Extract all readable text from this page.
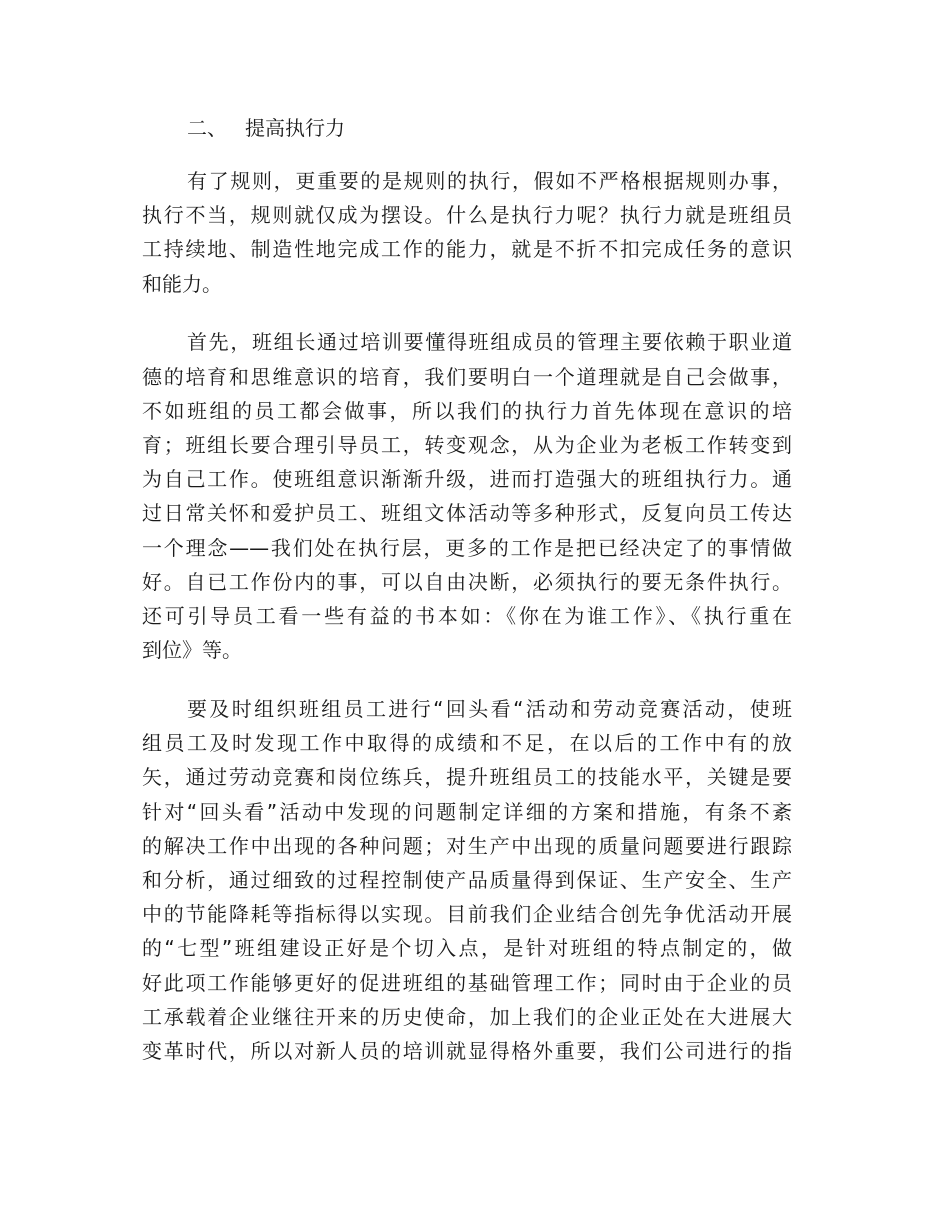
二、 提高执行力
有了规则，更重要的是规则的执行，假如不严格根据规则办事，
执行不当，规则就仅成为摆设。什么是执行力呢？执行力就是班组员
工持续地、制造性地完成工作的能力，就是不折不扣完成任务的意识
和能力。
首先，班组长通过培训要懂得班组成员的管理主要依赖于职业道
德的培育和思维意识的培育，我们要明白一个道理就是自己会做事，
不如班组的员工都会做事，所以我们的执行力首先体现在意识的培
育；班组长要合理引导员工，转变观念，从为企业为老板工作转变到
为自己工作。使班组意识渐渐升级，进而打造强大的班组执行力。通
过日常关怀和爱护员工、班组文体活动等多种形式，反复向员工传达
一个理念——我们处在执行层，更多的工作是把已经决定了的事情做
好。自已工作份内的事，可以自由决断，必须执行的要无条件执行。
还可引导员工看一些有益的书本如：《你在为谁工作》、《执行重在
到位》等。
要及时组织班组员工进行“回头看“活动和劳动竞赛活动，使班
组员工及时发现工作中取得的成绩和不足，在以后的工作中有的放
矢，通过劳动竞赛和岗位练兵，提升班组员工的技能水平，关键是要
针对“回头看”活动中发现的问题制定详细的方案和措施，有条不紊
的解决工作中出现的各种问题；对生产中出现的质量问题要进行跟踪
和分析，通过细致的过程控制使产品质量得到保证、生产安全、生产
中的节能降耗等指标得以实现。目前我们企业结合创先争优活动开展
的“七型”班组建设正好是个切入点，是针对班组的特点制定的，做
好此项工作能够更好的促进班组的基础管理工作；同时由于企业的员
工承载着企业继往开来的历史使命，加上我们的企业正处在大进展大
变革时代，所以对新人员的培训就显得格外重要，我们公司进行的指
